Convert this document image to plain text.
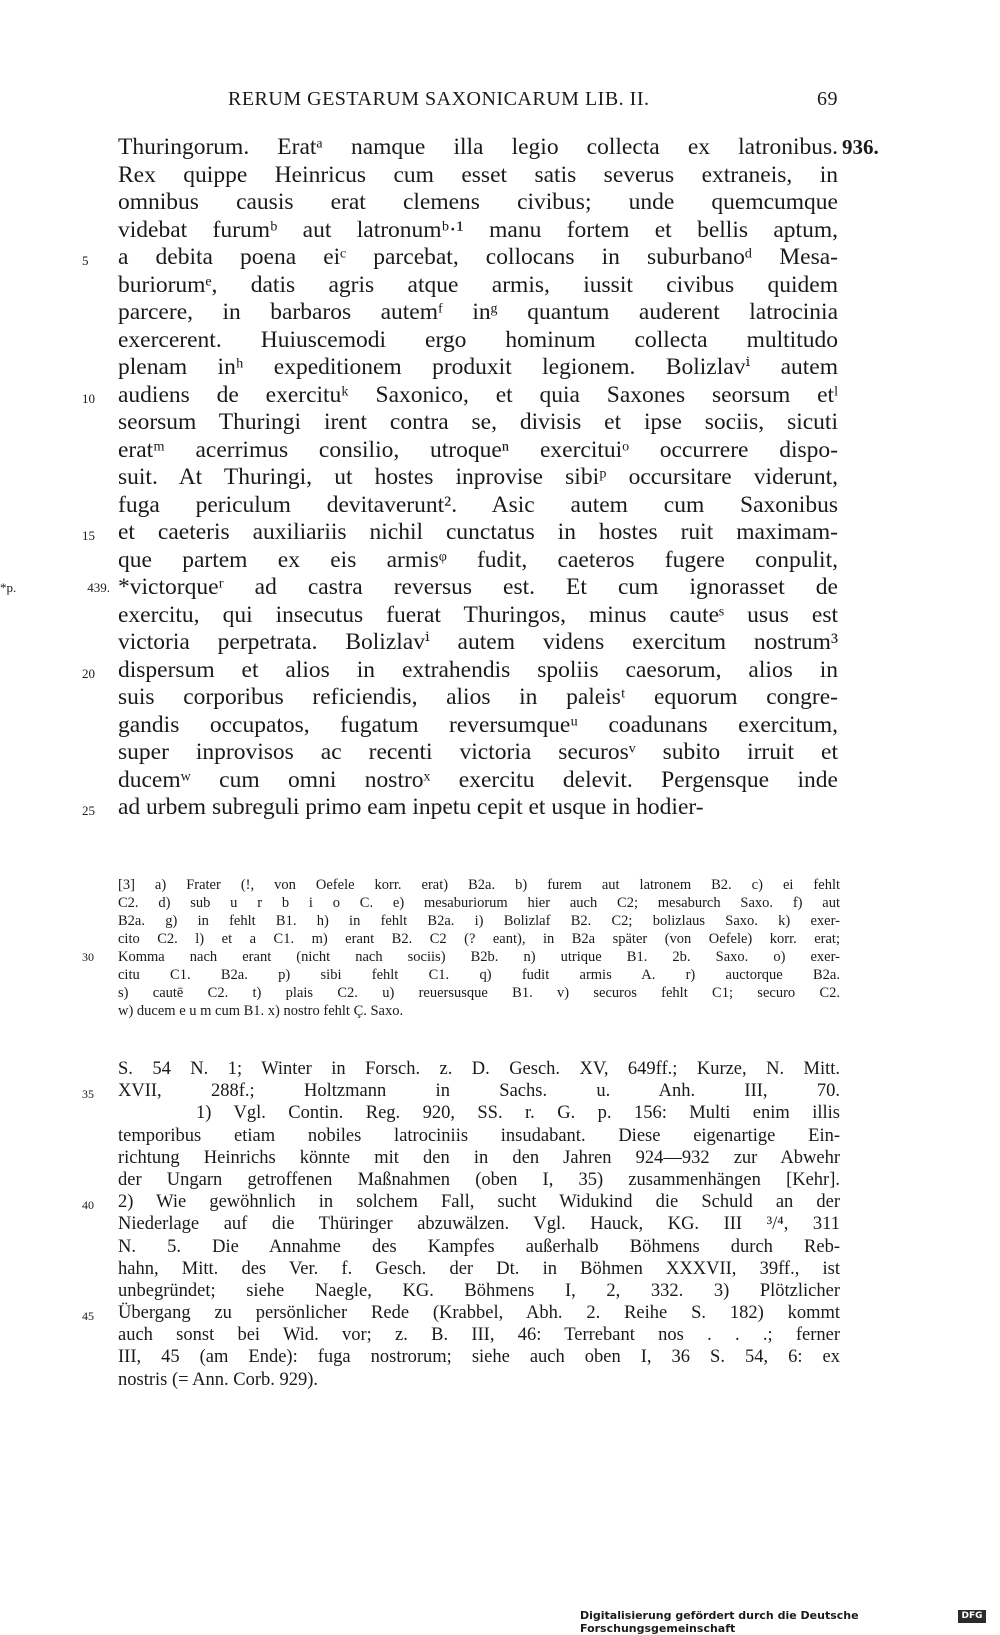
RERUM GESTARUM SAXONICARUM LIB. II.	69
Thuringorum. Eratᵃ namque illa legio collecta ex latronibus. 936.
Rex quippe Heinricus cum esset satis severus extraneis, in
omnibus causis erat clemens civibus; unde quemcumque
videbat furumᵇ aut latronumᵇ·¹ manu fortem et bellis aptum,
a debita poena eiᶜ parcebat, collocans in suburbanoᵈ Mesa-
5
buriorumᵉ, datis agris atque armis, iussit civibus quidem
parcere, in barbaros autemᶠ inᵍ quantum auderent latrocinia
exercerent. Huiuscemodi ergo hominum collecta multitudo
plenam inʰ expeditionem produxit legionem. Bolizlavⁱ autem
audiens de exercituᵏ Saxonico, et quia Saxones seorsum etˡ
10
seorsum Thuringi irent contra se, divisis et ipse sociis, sicuti
eratᵐ acerrimus consilio, utroqueⁿ exercituiᵒ occurrere dispo-
suit. At Thuringi, ut hostes inprovise sibiᵖ occursitare viderunt,
fuga periculum devitaverunt². Asic autem cum Saxonibus
et caeteris auxiliariis nichil cunctatus in hostes ruit maximam-
15
que partem ex eis armisᵠ fudit, caeteros fugere conpulit,
*victorqueʳ ad castra reversus est. Et cum ignorasset de
*p. 439.
exercitu, qui insecutus fuerat Thuringos, minus cauteˢ usus est
victoria perpetrata. Bolizlavⁱ autem videns exercitum nostrum³
dispersum et alios in extrahendis spoliis caesorum, alios in
20
suis corporibus reficiendis, alios in paleisᵗ equorum congre-
gandis occupatos, fugatum reversumqueᵘ coadunans exercitum,
super inprovisos ac recenti victoria securosᵛ subito irruit et
ducemʷ cum omni nostroˣ exercitu delevit. Pergensque inde
ad urbem subreguli primo eam inpetu cepit et usque in hodier-
25
[3] a) Frater (!, von Oefele korr. erat) B2a. b) furem aut latronem B2. c) ei fehlt
C2. d) sub u r b i o C. e) mesaburiorum hier auch C2; mesaburch Saxo. f) aut
B2a. g) in fehlt B1. h) in fehlt B2a. i) Bolizlaf B2. C2; bolizlaus Saxo. k) exer-
cito C2. l) et a C1. m) erant B2. C2 (? eant), in B2a später (von Oefele) korr. erat;
Komma nach erant (nicht nach sociis) B2b. n) utrique B1. 2b. Saxo. o) exer-
30
citu C1. B2a. p) sibi fehlt C1. q) fudit armis A. r) auctorque B2a.
s) cautē C2. t) plais C2. u) reuersusque B1. v) securos fehlt C1; securo C2.
w) ducem e u m cum B1. x) nostro fehlt Ç. Saxo.
S. 54 N. 1; Winter in Forsch. z. D. Gesch. XV, 649ff.; Kurze, N. Mitt.
XVII, 288f.; Holtzmann in Sachs. u. Anh. III, 70.
35
1) Vgl. Contin. Reg. 920, SS. r. G. p. 156: Multi enim illis
temporibus etiam nobiles latrociniis insudabant. Diese eigenartige Ein-
richtung Heinrichs könnte mit den in den Jahren 924—932 zur Abwehr
der Ungarn getroffenen Maßnahmen (oben I, 35) zusammenhängen [Kehr].
2) Wie gewöhnlich in solchem Fall, sucht Widukind die Schuld an der
40
Niederlage auf die Thüringer abzuwälzen. Vgl. Hauck, KG. III ³/⁴, 311
N. 5. Die Annahme des Kampfes außerhalb Böhmens durch Reb-
hahn, Mitt. des Ver. f. Gesch. der Dt. in Böhmen XXXVII, 39ff., ist
unbegründet; siehe Naegle, KG. Böhmens I, 2, 332. 3) Plötzlicher
Übergang zu persönlicher Rede (Krabbel, Abh. 2. Reihe S. 182) kommt
45
auch sonst bei Wid. vor; z. B. III, 46: Terrebant nos . . .; ferner
III, 45 (am Ende): fuga nostrorum; siehe auch oben I, 36 S. 54, 6: ex
nostris (= Ann. Corb. 929).
Digitalisierung gefördert durch die Deutsche Forschungsgemeinschaft
DFG
